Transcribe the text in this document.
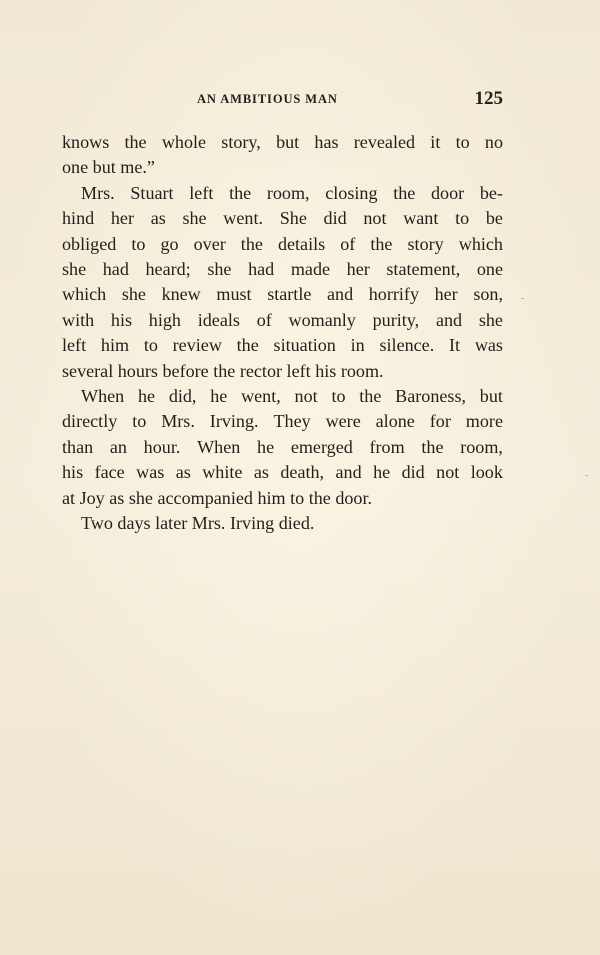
AN AMBITIOUS MAN	125
knows the whole story, but has revealed it to no
one but me.”
Mrs. Stuart left the room, closing the door be-
hind her as she went. She did not want to be
obliged to go over the details of the story which
she had heard; she had made her statement, one
which she knew must startle and horrify her son,
with his high ideals of womanly purity, and she
left him to review the situation in silence. It was
several hours before the rector left his room.
When he did, he went, not to the Baroness, but
directly to Mrs. Irving. They were alone for more
than an hour. When he emerged from the room,
his face was as white as death, and he did not look
at Joy as she accompanied him to the door.
Two days later Mrs. Irving died.
